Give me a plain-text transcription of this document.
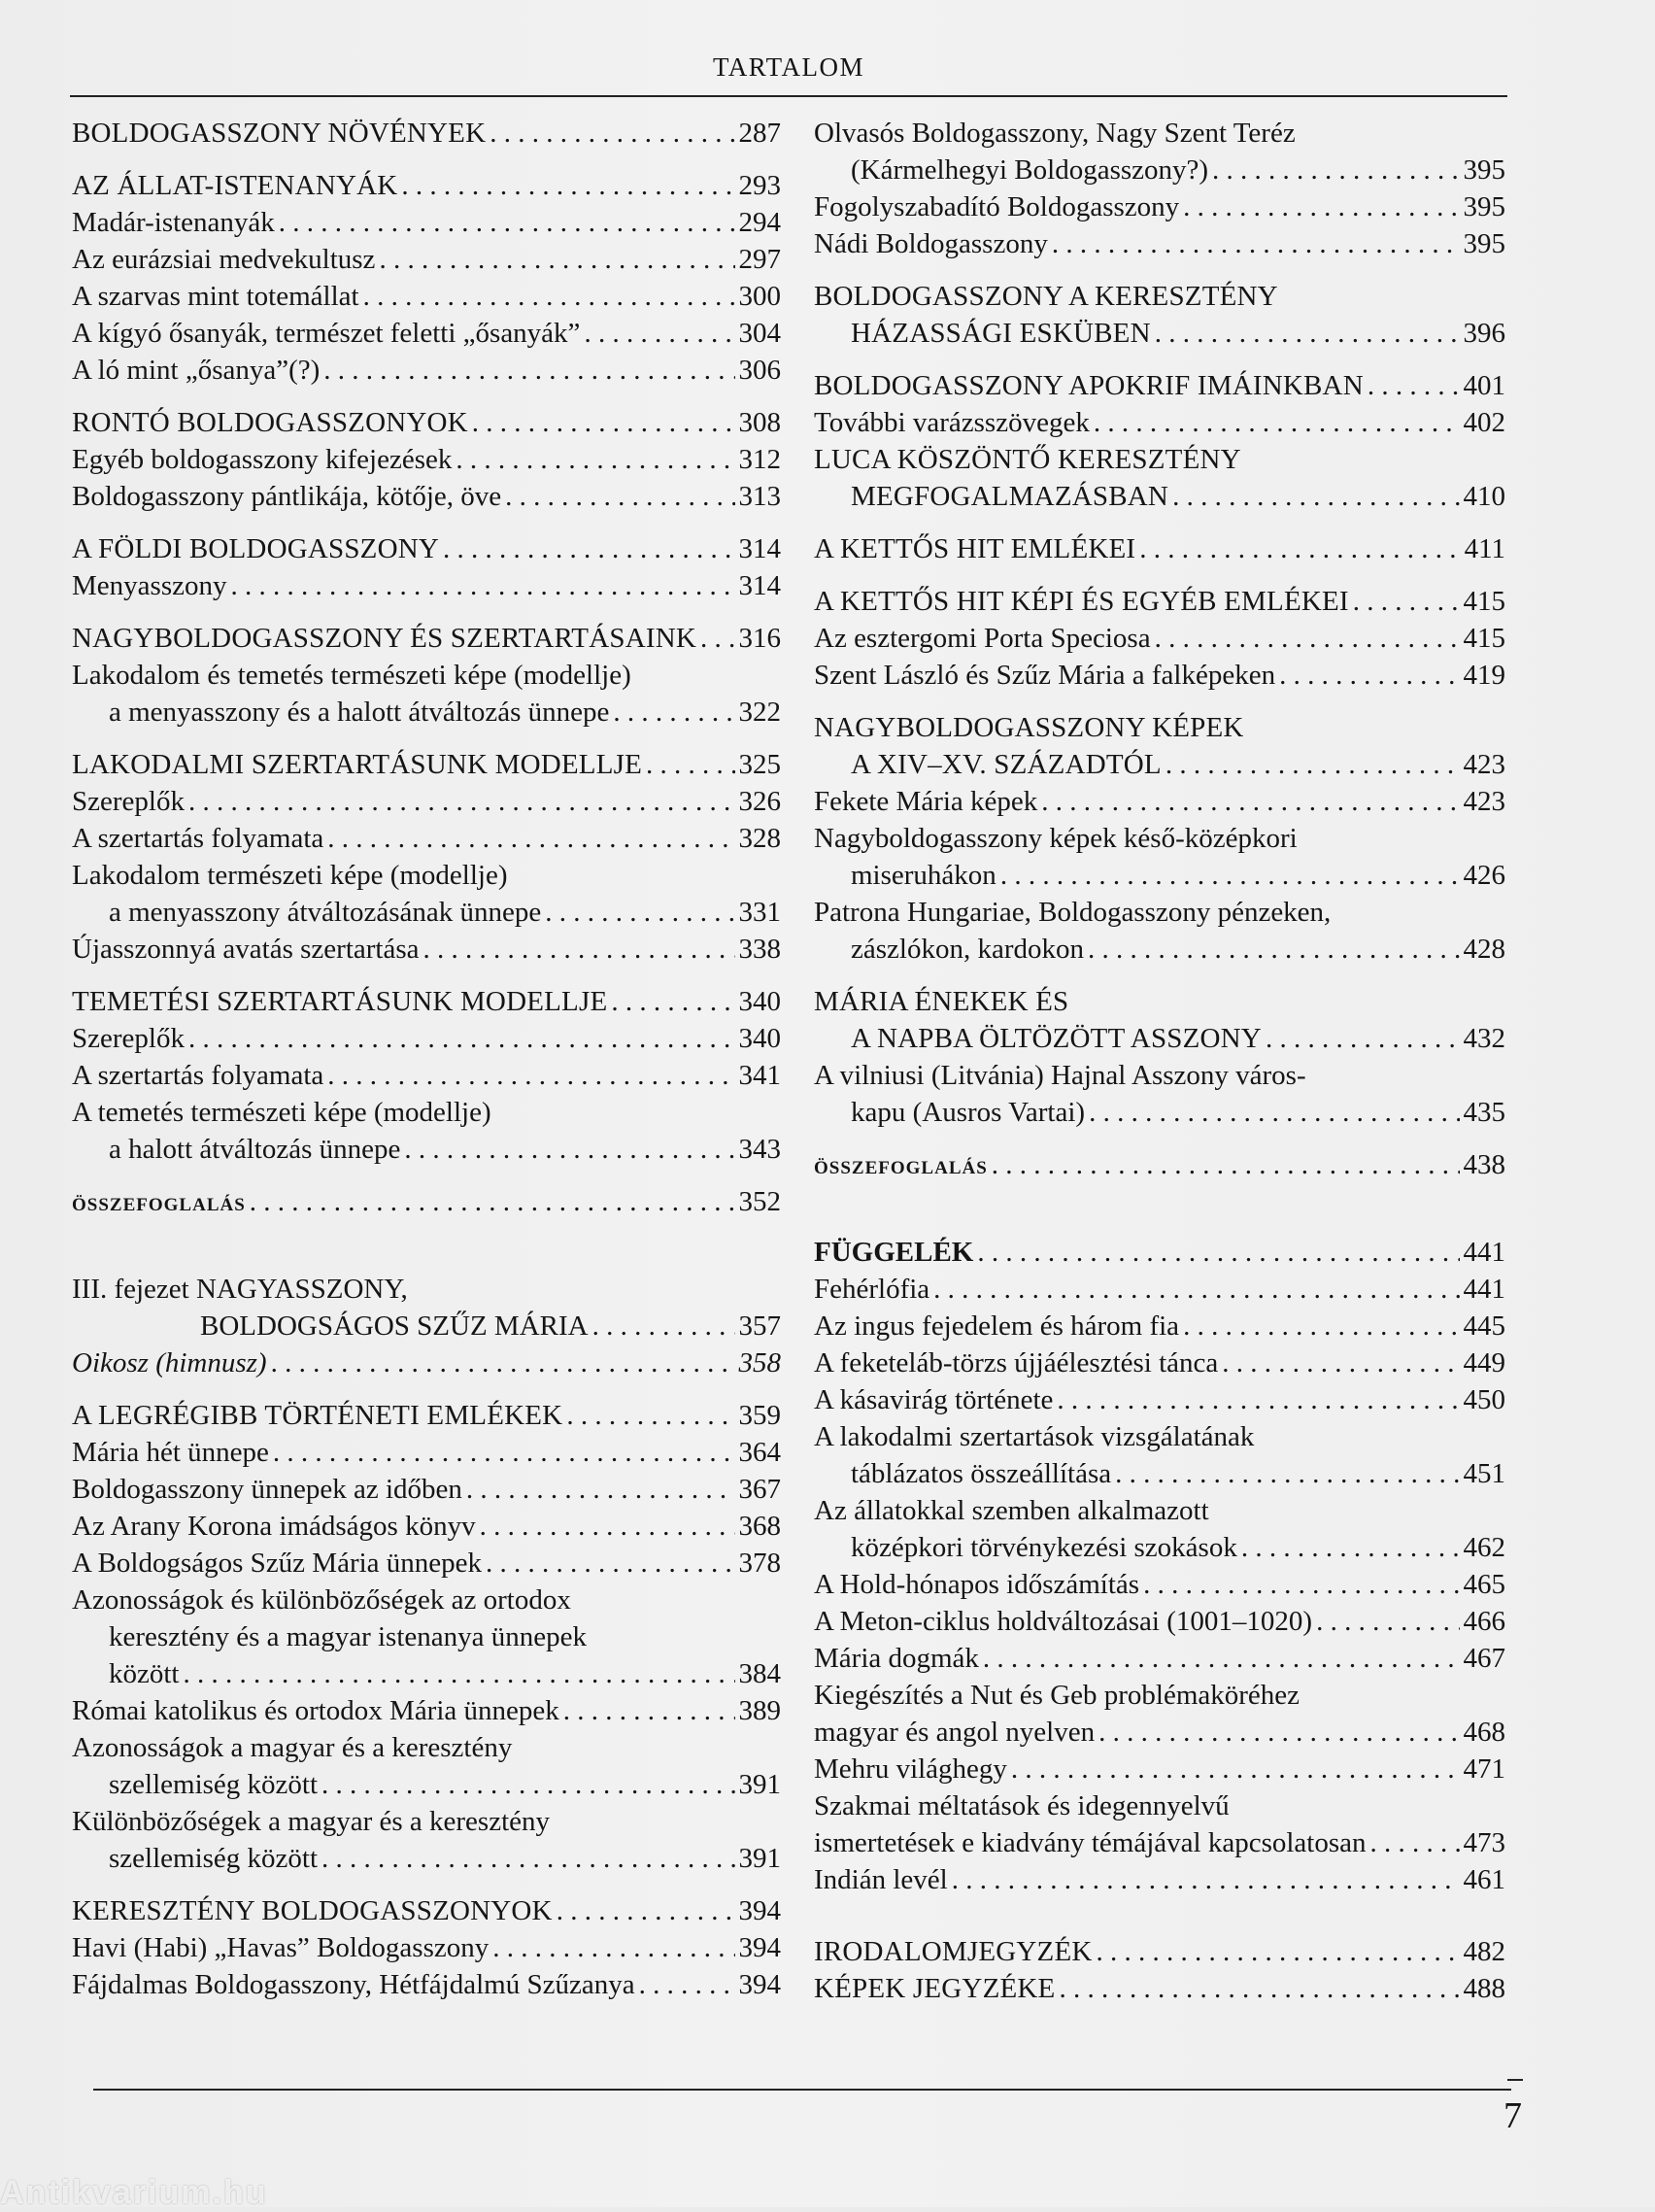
TARTALOM
BOLDOGASSZONY NÖVÉNYEK . . .	287
AZ ÁLLAT-ISTENANYÁK . . .	293
Madár-istenanyák . . .	294
Az eurázsiai medvekultusz . . .	297
A szarvas mint totemállat . . .	300
A kígyó ősanyák, természet feletti „ősanyák” . . .	304
A ló mint „ősanya”(?) . . .	306
RONTÓ BOLDOGASSZONYOK . . .	308
Egyéb boldogasszony kifejezések . . .	312
Boldogasszony pántlikája, kötője, öve . . .	313
A FÖLDI BOLDOGASSZONY . . .	314
Menyasszony . . .	314
NAGYBOLDOGASSZONY ÉS SZERTARTÁSAINK . . . 316
Lakodalom és temetés természeti képe (modellje)
a menyasszony és a halott átváltozás ünnepe . . .	322
LAKODALMI SZERTARTÁSUNK MODELLJE . . .	325
Szereplők . . .	326
A szertartás folyamata . . .	328
Lakodalom természeti képe (modellje)
a menyasszony átváltozásának ünnepe . . .	331
Újasszonnyá avatás szertartása . . .	338
TEMETÉSI SZERTARTÁSUNK MODELLJE . . .	340
Szereplők . . .	340
A szertartás folyamata . . .	341
A temetés természeti képe (modellje)
a halott átváltozás ünnepe . . .	343
ÖSSZEFOGLALÁS . . .	352
III. fejezet NAGYASSZONY,
BOLDOGSÁGOS SZŰZ MÁRIA . . .	357
Oikosz (himnusz) . . .	358
A LEGRÉGIBB TÖRTÉNETI EMLÉKEK . . .	359
Mária hét ünnepe . . .	364
Boldogasszony ünnepek az időben . . .	367
Az Arany Korona imádságos könyv . . .	368
A Boldogságos Szűz Mária ünnepek . . .	378
Azonosságok és különbözőségek az ortodox
keresztény és a magyar istenanya ünnepek
között . . .	384
Római katolikus és ortodox Mária ünnepek . . .	389
Azonosságok a magyar és a keresztény
szellemiség között . . .	391
Különbözőségek a magyar és a keresztény
szellemiség között . . .	391
KERESZTÉNY BOLDOGASSZONYOK . . .	394
Havi (Habi) „Havas” Boldogasszony . . .	394
Fájdalmas Boldogasszony, Hétfájdalmú Szűzanya . . .	394
Olvasós Boldogasszony, Nagy Szent Teréz
(Kármelhegyi Boldogasszony?) . . .	395
Fogolyszabadító Boldogasszony . . .	395
Nádi Boldogasszony . . .	395
BOLDOGASSZONY A KERESZTÉNY
HÁZASSÁGI ESKÜBEN . . .	396
BOLDOGASSZONY APOKRIF IMÁINKBAN . . .	401
További varázsszövegek . . .	402
LUCA KÖSZÖNTŐ KERESZTÉNY
MEGFOGALMAZÁSBAN . . .	410
A KETTŐS HIT EMLÉKEI . . .	411
A KETTŐS HIT KÉPI ÉS EGYÉB EMLÉKEI . . .	415
Az esztergomi Porta Speciosa . . .	415
Szent László és Szűz Mária a falképeken . . .	419
NAGYBOLDOGASSZONY KÉPEK
A XIV–XV. SZÁZADTÓL . . .	423
Fekete Mária képek . . .	423
Nagyboldogasszony képek késő-középkori
miseruhákon . . .	426
Patrona Hungariae, Boldogasszony pénzeken,
zászlókon, kardokon . . .	428
MÁRIA ÉNEKEK ÉS
A NAPBA ÖLTÖZÖTT ASSZONY . . .	432
A vilniusi (Litvánia) Hajnal Asszony város-
kapu (Ausros Vartai) . . .	435
ÖSSZEFOGLALÁS . . .	438
FÜGGELÉK . . .	441
Fehérlófia . . .	441
Az ingus fejedelem és három fia . . .	445
A feketeláb-törzs újjáélesztési tánca . . .	449
A kásavirág története . . .	450
A lakodalmi szertartások vizsgálatának
táblázatos összeállítása . . .	451
Az állatokkal szemben alkalmazott
középkori törvénykezési szokások . . .	462
A Hold-hónapos időszámítás . . .	465
A Meton-ciklus holdváltozásai (1001–1020) . . .	466
Mária dogmák . . .	467
Kiegészítés a Nut és Geb problémaköréhez
magyar és angol nyelven . . .	468
Mehru világhegy . . .	471
Szakmai méltatások és idegennyelvű
ismertetések e kiadvány témájával kapcsolatosan . . .	473
Indián levél . . .	461
IRODALOMJEGYZÉK . . .	482
KÉPEK JEGYZÉKE . . .	488
7
Antikvarium.hu
